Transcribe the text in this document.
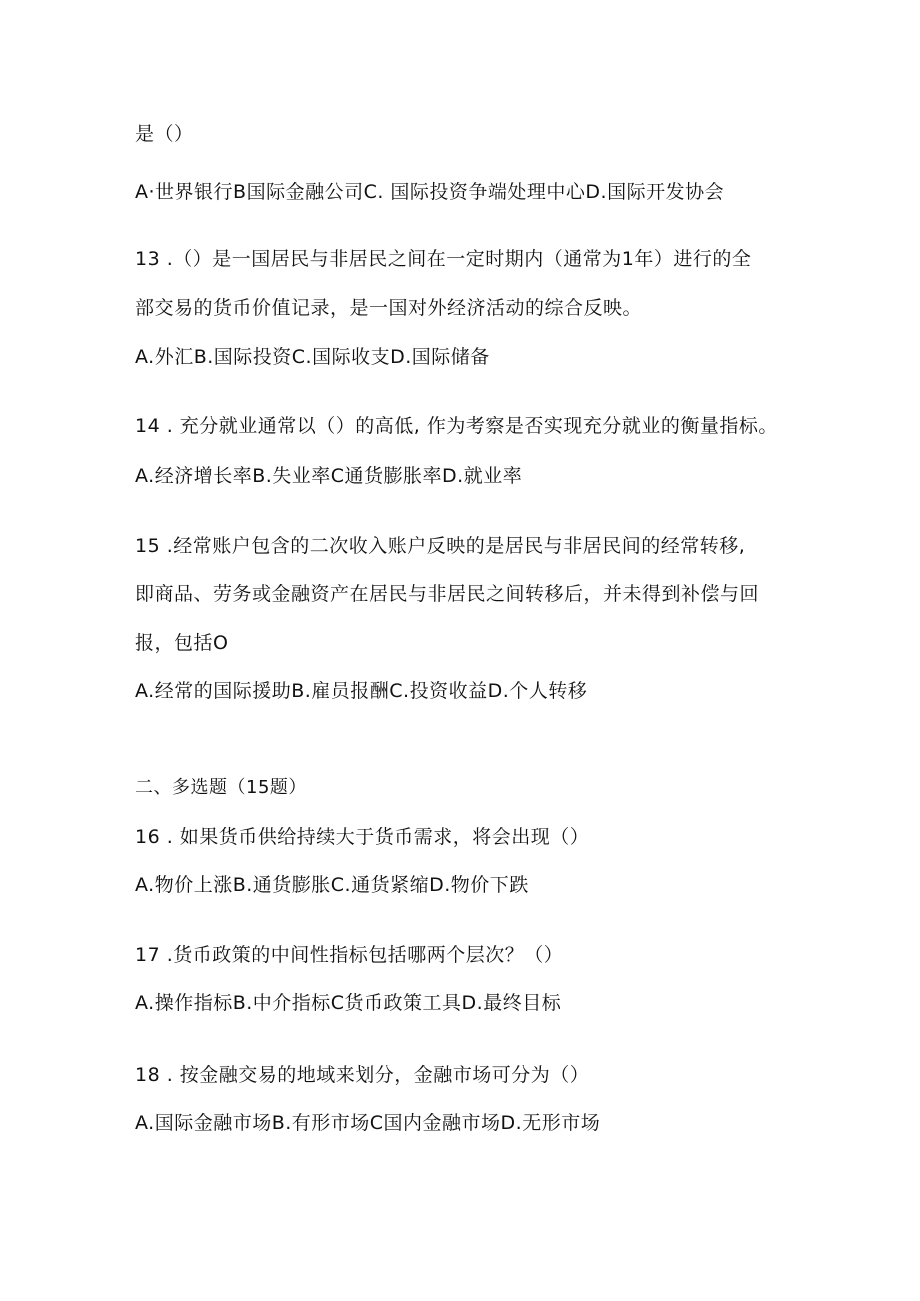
是（）

A·世界银行B国际金融公司C. 国际投资争端处理中心D.国际开发协会

13 .（）是一国居民与非居民之间在一定时期内（通常为1年）进行的全

部交易的货币价值记录，是一国对外经济活动的综合反映。

A.外汇B.国际投资C.国际收支D.国际储备

14 . 充分就业通常以（）的高低, 作为考察是否实现充分就业的衡量指标。

A.经济增长率B.失业率C通货膨胀率D.就业率

15 .经常账户包含的二次收入账户反映的是居民与非居民间的经常转移,

即商品、劳务或金融资产在居民与非居民之间转移后，并未得到补偿与回

报，包括O

A.经常的国际援助B.雇员报酬C.投资收益D.个人转移

二、多选题（15题）

16 . 如果货币供给持续大于货币需求，将会出现（）

A.物价上涨B.通货膨胀C.通货紧缩D.物价下跌

17 .货币政策的中间性指标包括哪两个层次？（）

A.操作指标B.中介指标C货币政策工具D.最终目标

18 . 按金融交易的地域来划分，金融市场可分为（）

A.国际金融市场B.有形市场C国内金融市场D.无形市场
